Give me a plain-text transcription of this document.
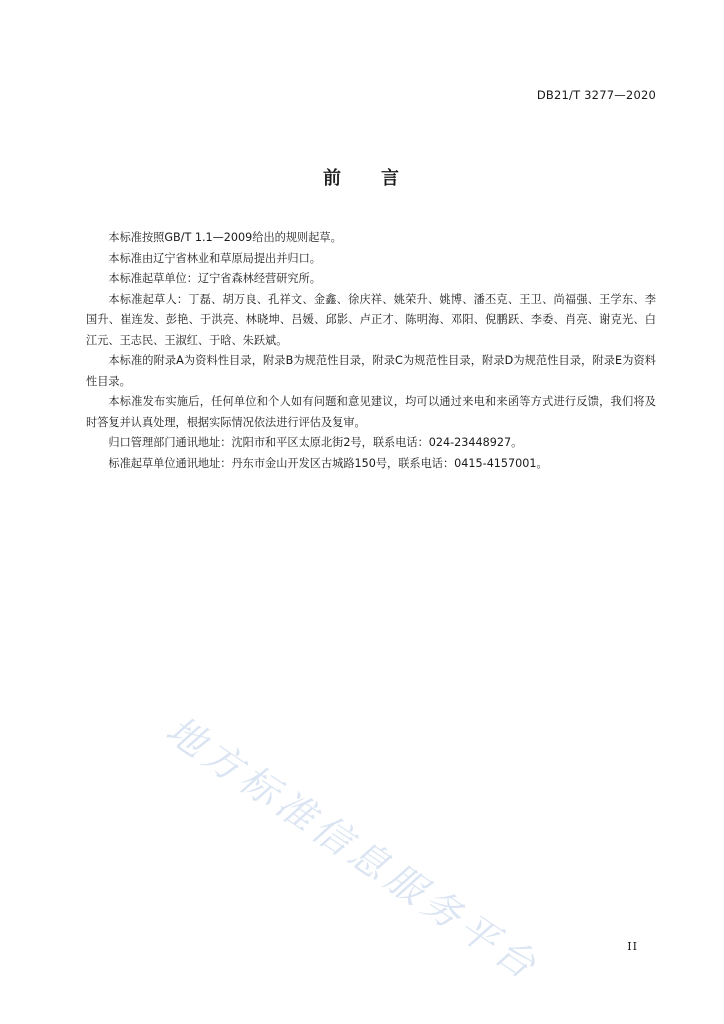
DB21/T 3277—2020
前 言

本标准按照GB/T 1.1—2009给出的规则起草。

本标准由辽宁省林业和草原局提出并归口。

本标准起草单位：辽宁省森林经营研究所。

本标准起草人：丁磊、胡万良、孔祥文、金鑫、徐庆祥、姚荣升、姚博、潘丕克、王卫、尚福强、王学东、李国升、崔连发、彭艳、于洪亮、林晓坤、吕媛、邱影、卢正才、陈明海、邓阳、倪鹏跃、李委、肖亮、谢克光、白江元、王志民、王淑红、于晗、朱跃斌。

本标准的附录A为资料性目录，附录B为规范性目录，附录C为规范性目录，附录D为规范性目录，附录E为资料性目录。

本标准发布实施后，任何单位和个人如有问题和意见建议，均可以通过来电和来函等方式进行反馈，我们将及时答复并认真处理，根据实际情况依法进行评估及复审。

归口管理部门通讯地址：沈阳市和平区太原北街2号，联系电话：024-23448927。

标准起草单位通讯地址：丹东市金山开发区古城路150号，联系电话：0415-4157001。

地方标准信息服务平台	II
